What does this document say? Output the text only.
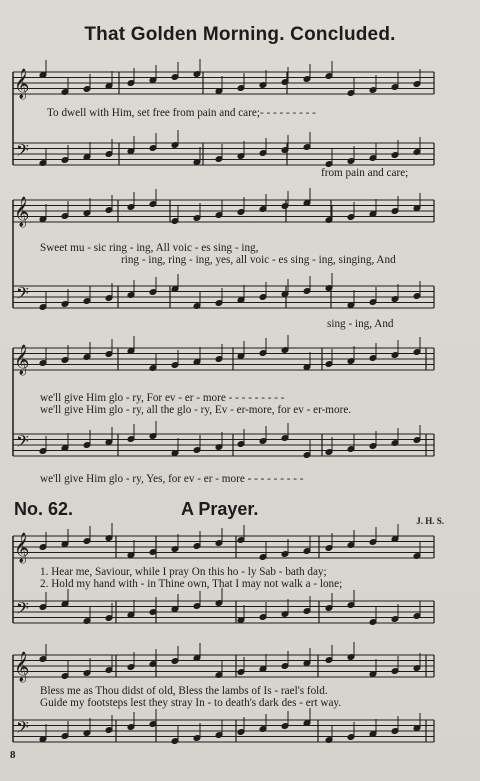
That Golden Morning. Concluded.
𝄞
𝄢
𝄞
𝄢
𝄞
𝄢
𝄞
𝄢
𝄞
𝄢
To dwell with Him, set free from pain and care;- - - - - - - - -
from pain and care;
Sweet mu - sic ring - ing, All voic - es sing - ing,
ring - ing, ring - ing, yes, all voic - es sing - ing, singing, And
sing - ing, And
we'll give Him glo - ry, For ev - er - more - - - - - - - - -
we'll give Him glo - ry, all the glo - ry, Ev - er-more, for ev - er-more.
we'll give Him glo - ry, Yes, for ev - er - more - - - - - - - - -
No. 62.	A Prayer.
J. H. S.
1. Hear me, Saviour, while I pray On this ho - ly Sab - bath day;
2. Hold my hand with - in Thine own, That I may not walk a - lone;
Bless me as Thou didst of old, Bless the lambs of Is - rael's fold.
Guide my footsteps lest they stray In - to death's dark des - ert way.
8
